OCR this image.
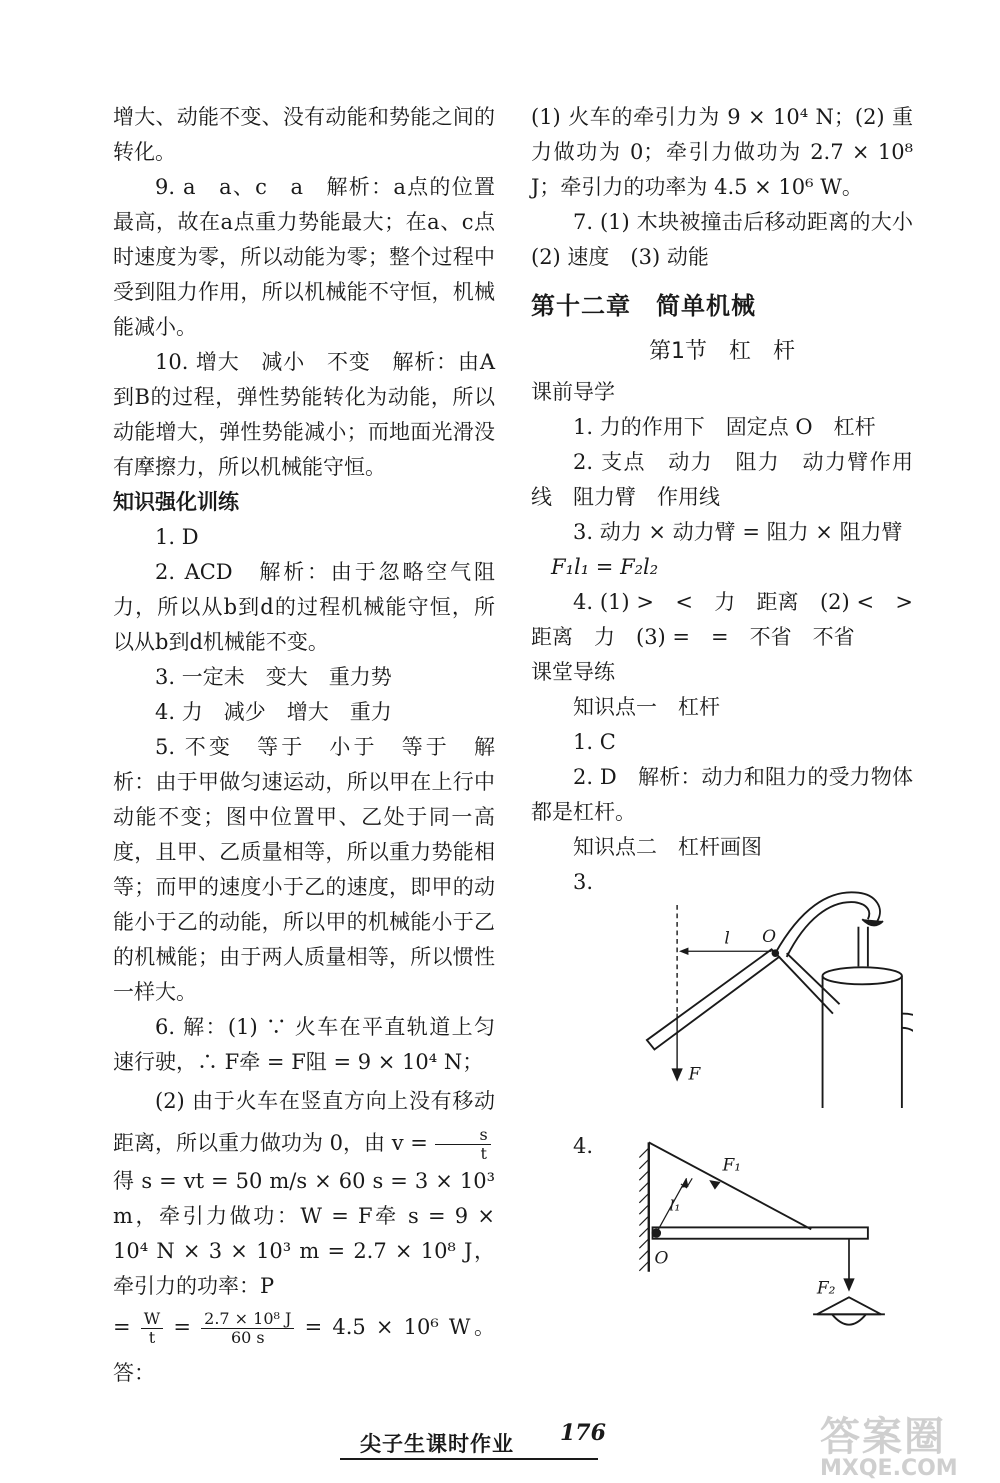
增大、动能不变、没有动能和势能之间的转化。

9. a　a、c　a　解析：a点的位置最高，故在a点重力势能最大；在a、c点时速度为零，所以动能为零；整个过程中受到阻力作用，所以机械能不守恒，机械能减小。

10. 增大　减小　不变　解析：由A到B的过程，弹性势能转化为动能，所以动能增大，弹性势能减小；而地面光滑没有摩擦力，所以机械能守恒。

知识强化训练

1. D

2. ACD　解析：由于忽略空气阻力，所以从b到d的过程机械能守恒，所以从b到d机械能不变。

3. 一定未　变大　重力势

4. 力　减少　增大　重力

5. 不变　等于　小于　等于　解析：由于甲做匀速运动，所以甲在上行中动能不变；图中位置甲、乙处于同一高度，且甲、乙质量相等，所以重力势能相等；而甲的速度小于乙的速度，即甲的动能小于乙的动能，所以甲的机械能小于乙的机械能；由于两人质量相等，所以惯性一样大。

6. 解：(1) ∵ 火车在平直轨道上匀速行驶，∴ F牵 = F阻 = 9 × 10⁴ N；

(2) 由于火车在竖直方向上没有移动距离，所以重力做功为 0，由 $v = \frac{s}{t}$

得 s = vt = 50 m/s × 60 s = 3 × 10³ m，牵引力做功：W = F牵 s = 9 × 10⁴ N × 3 × 10³ m = 2.7 × 10⁸ J，牵引力的功率：P

= $\frac{W}{t} = \frac{\text{2.7 × 10⁸ J}}{60 s} = 4.5 \times 10^6$ W。答：

(1) 火车的牵引力为 9 × 10⁴ N；(2) 重力做功为 0；牵引力做功为 2.7 × 10⁸ J；牵引力的功率为 4.5 × 10⁶ W。

7. (1) 木块被撞击后移动距离的大小　(2) 速度　(3) 动能

第十二章　简单机械

第1节　杠　杆

课前导学

1. 力的作用下　固定点 O　杠杆

2. 支点　动力　阻力　动力臂作用线　阻力臂　作用线

3. 动力 × 动力臂 = 阻力 × 阻力臂

F₁l₁ = F₂l₂

4. (1) >　<　力　距离　(2) <　>　距离　力　(3) =　=　不省　不省

课堂导练

知识点一　杠杆

1. C

2. D　解析：动力和阻力的受力物体都是杠杆。

知识点二　杠杆画图

3.
l O
F
4.
F₁
l₁
O
F₂
尖子生课时作业 176	答案圈
MXQE.COM
